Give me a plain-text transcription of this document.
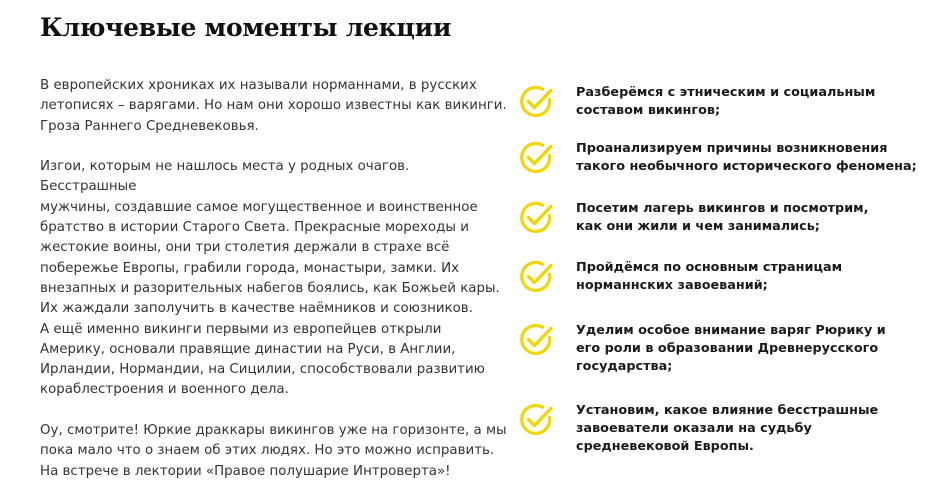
Ключевые моменты лекции

В европейских хрониках их называли норманнами, в русских
летописях – варягами. Но нам они хорошо известны как викинги.
Гроза Раннего Средневековья.

Изгои, которым не нашлось места у родных очагов. Бесстрашные
мужчины, создавшие самое могущественное и воинственное
братство в истории Старого Света. Прекрасные мореходы и
жестокие воины, они три столетия держали в страхе всё
побережье Европы, грабили города, монастыри, замки. Их
внезапных и разорительных набегов боялись, как Божьей кары.
Их жаждали заполучить в качестве наёмников и союзников.
А ещё именно викинги первыми из европейцев открыли
Америку, основали правящие династии на Руси, в Англии,
Ирландии, Нормандии, на Сицилии, способствовали развитию
кораблестроения и военного дела.

Оу, смотрите! Юркие драккары викингов уже на горизонте, а мы
пока мало что о знаем об этих людях. Но это можно исправить.
На встрече в лектории «Правое полушарие Интроверта»!

Разберёмся с этническим и социальным
составом викингов;

Проанализируем причины возникновения
такого необычного исторического феномена;

Посетим лагерь викингов и посмотрим,
как они жили и чем занимались;

Пройдёмся по основным страницам
норманнских завоеваний;

Уделим особое внимание варяг Рюрику и
его роли в образовании Древнерусского
государства;

Установим, какое влияние бесстрашные
завоеватели оказали на судьбу
средневековой Европы.
